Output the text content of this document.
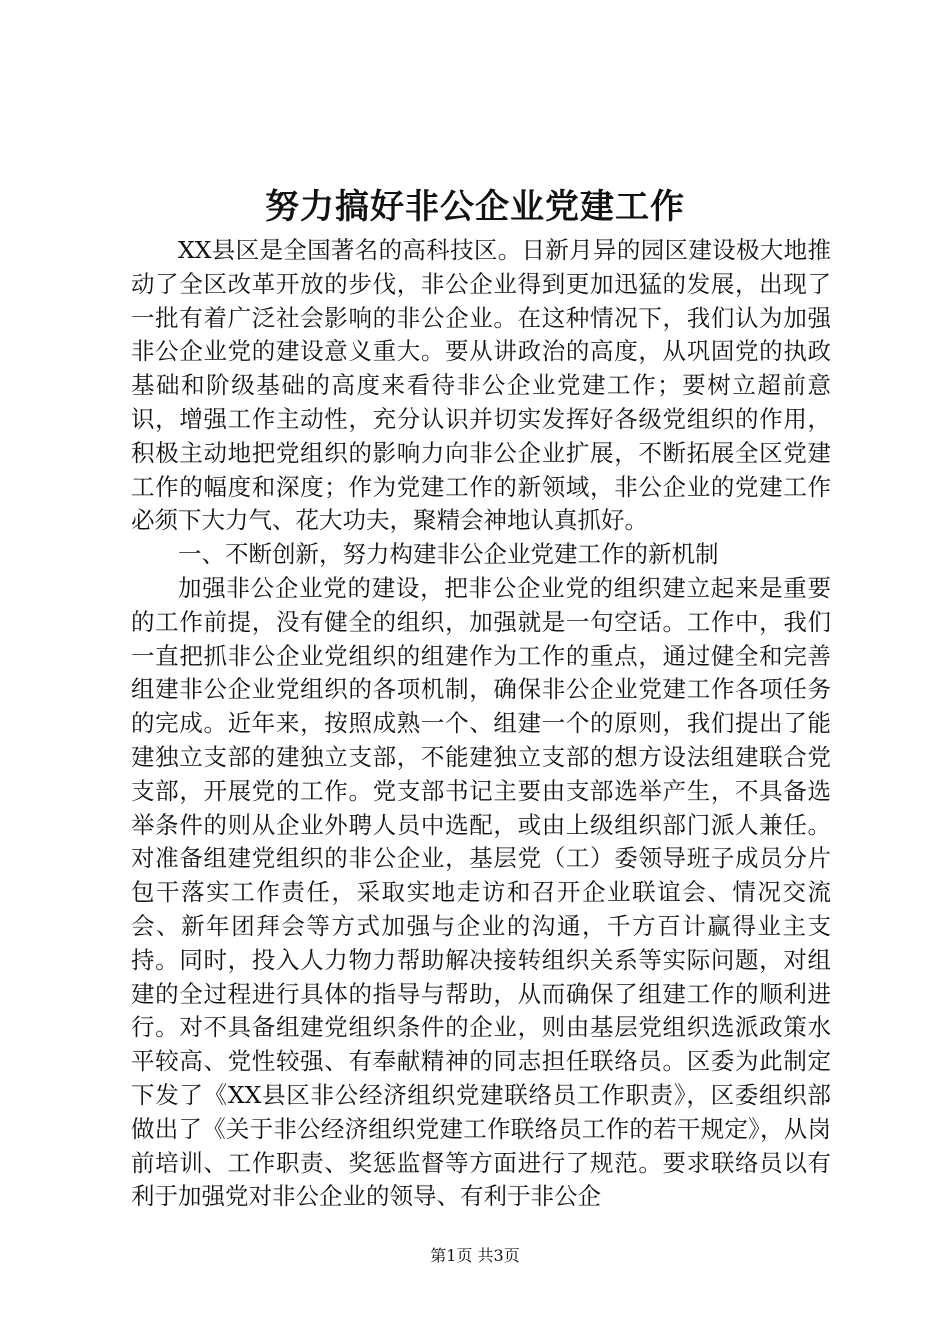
努力搞好非公企业党建工作

XX县区是全国著名的高科技区。日新月异的园区建设极大地推动了全区改革开放的步伐，非公企业得到更加迅猛的发展，出现了一批有着广泛社会影响的非公企业。在这种情况下，我们认为加强非公企业党的建设意义重大。要从讲政治的高度，从巩固党的执政基础和阶级基础的高度来看待非公企业党建工作；要树立超前意识，增强工作主动性，充分认识并切实发挥好各级党组织的作用，积极主动地把党组织的影响力向非公企业扩展，不断拓展全区党建工作的幅度和深度；作为党建工作的新领域，非公企业的党建工作必须下大力气、花大功夫，聚精会神地认真抓好。

一、不断创新，努力构建非公企业党建工作的新机制

加强非公企业党的建设，把非公企业党的组织建立起来是重要的工作前提，没有健全的组织，加强就是一句空话。工作中，我们一直把抓非公企业党组织的组建作为工作的重点，通过健全和完善组建非公企业党组织的各项机制，确保非公企业党建工作各项任务的完成。近年来，按照成熟一个、组建一个的原则，我们提出了能建独立支部的建独立支部，不能建独立支部的想方设法组建联合党支部，开展党的工作。党支部书记主要由支部选举产生，不具备选举条件的则从企业外聘人员中选配，或由上级组织部门派人兼任。对准备组建党组织的非公企业，基层党（工）委领导班子成员分片包干落实工作责任，采取实地走访和召开企业联谊会、情况交流会、新年团拜会等方式加强与企业的沟通，千方百计赢得业主支持。同时，投入人力物力帮助解决接转组织关系等实际问题，对组建的全过程进行具体的指导与帮助，从而确保了组建工作的顺利进行。对不具备组建党组织条件的企业，则由基层党组织选派政策水平较高、党性较强、有奉献精神的同志担任联络员。区委为此制定下发了《XX县区非公经济组织党建联络员工作职责》，区委组织部做出了《关于非公经济组织党建工作联络员工作的若干规定》，从岗前培训、工作职责、奖惩监督等方面进行了规范。要求联络员以有利于加强党对非公企业的领导、有利于非公企

第1页 共3页
